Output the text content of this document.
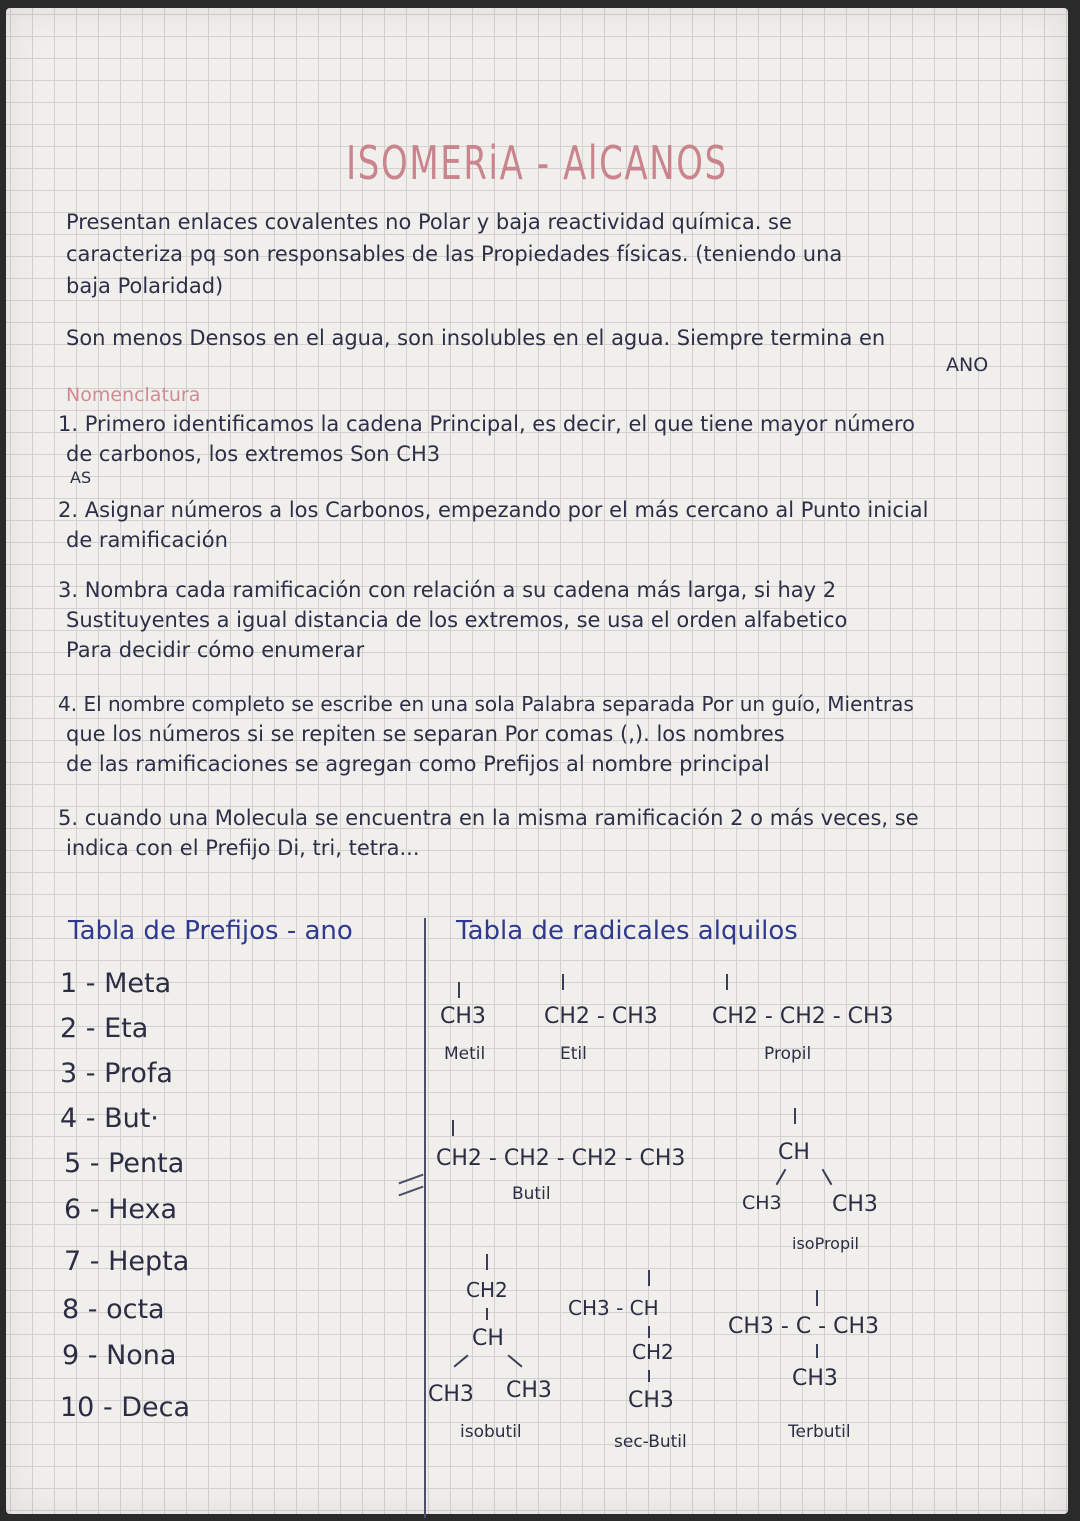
ISOMERiA - AlCANOS
Presentan enlaces covalentes no Polar y baja reactividad química. se
caracteriza pq son responsables de las Propiedades físicas. (teniendo una
baja Polaridad)
Son menos Densos en el agua, son insolubles en el agua. Siempre termina en
ANO
Nomenclatura
1. Primero identificamos la cadena Principal, es decir, el que tiene mayor número
de carbonos, los extremos Son CH3
AS
2. Asignar números a los Carbonos, empezando por el más cercano al Punto inicial
de ramificación
3. Nombra cada ramificación con relación a su cadena más larga, si hay 2
Sustituyentes a igual distancia de los extremos, se usa el orden alfabetico
Para decidir cómo enumerar
4. El nombre completo se escribe en una sola Palabra separada Por un guío, Mientras
que los números si se repiten se separan Por comas (,). los nombres
de las ramificaciones se agregan como Prefijos al nombre principal
5. cuando una Molecula se encuentra en la misma ramificación 2 o más veces, se
indica con el Prefijo Di, tri, tetra...
Tabla de Prefijos - ano
1 - Meta
2 - Eta
3 - Profa
4 - But·
5 - Penta
6 - Hexa
7 - Hepta
8 - octa
9 - Nona
10 - Deca
Tabla de radicales alquilos
CH3
Metil
CH2 - CH3
Etil
CH2 - CH2 - CH3
Propil
CH2 - CH2 - CH2 - CH3
Butil
CH
CH3 CH3
isoPropil
CH2
CH
CH3 CH3
isobutil
CH3 - CH
CH2
CH3
sec-Butil
CH3 - C - CH3
CH3
Terbutil
